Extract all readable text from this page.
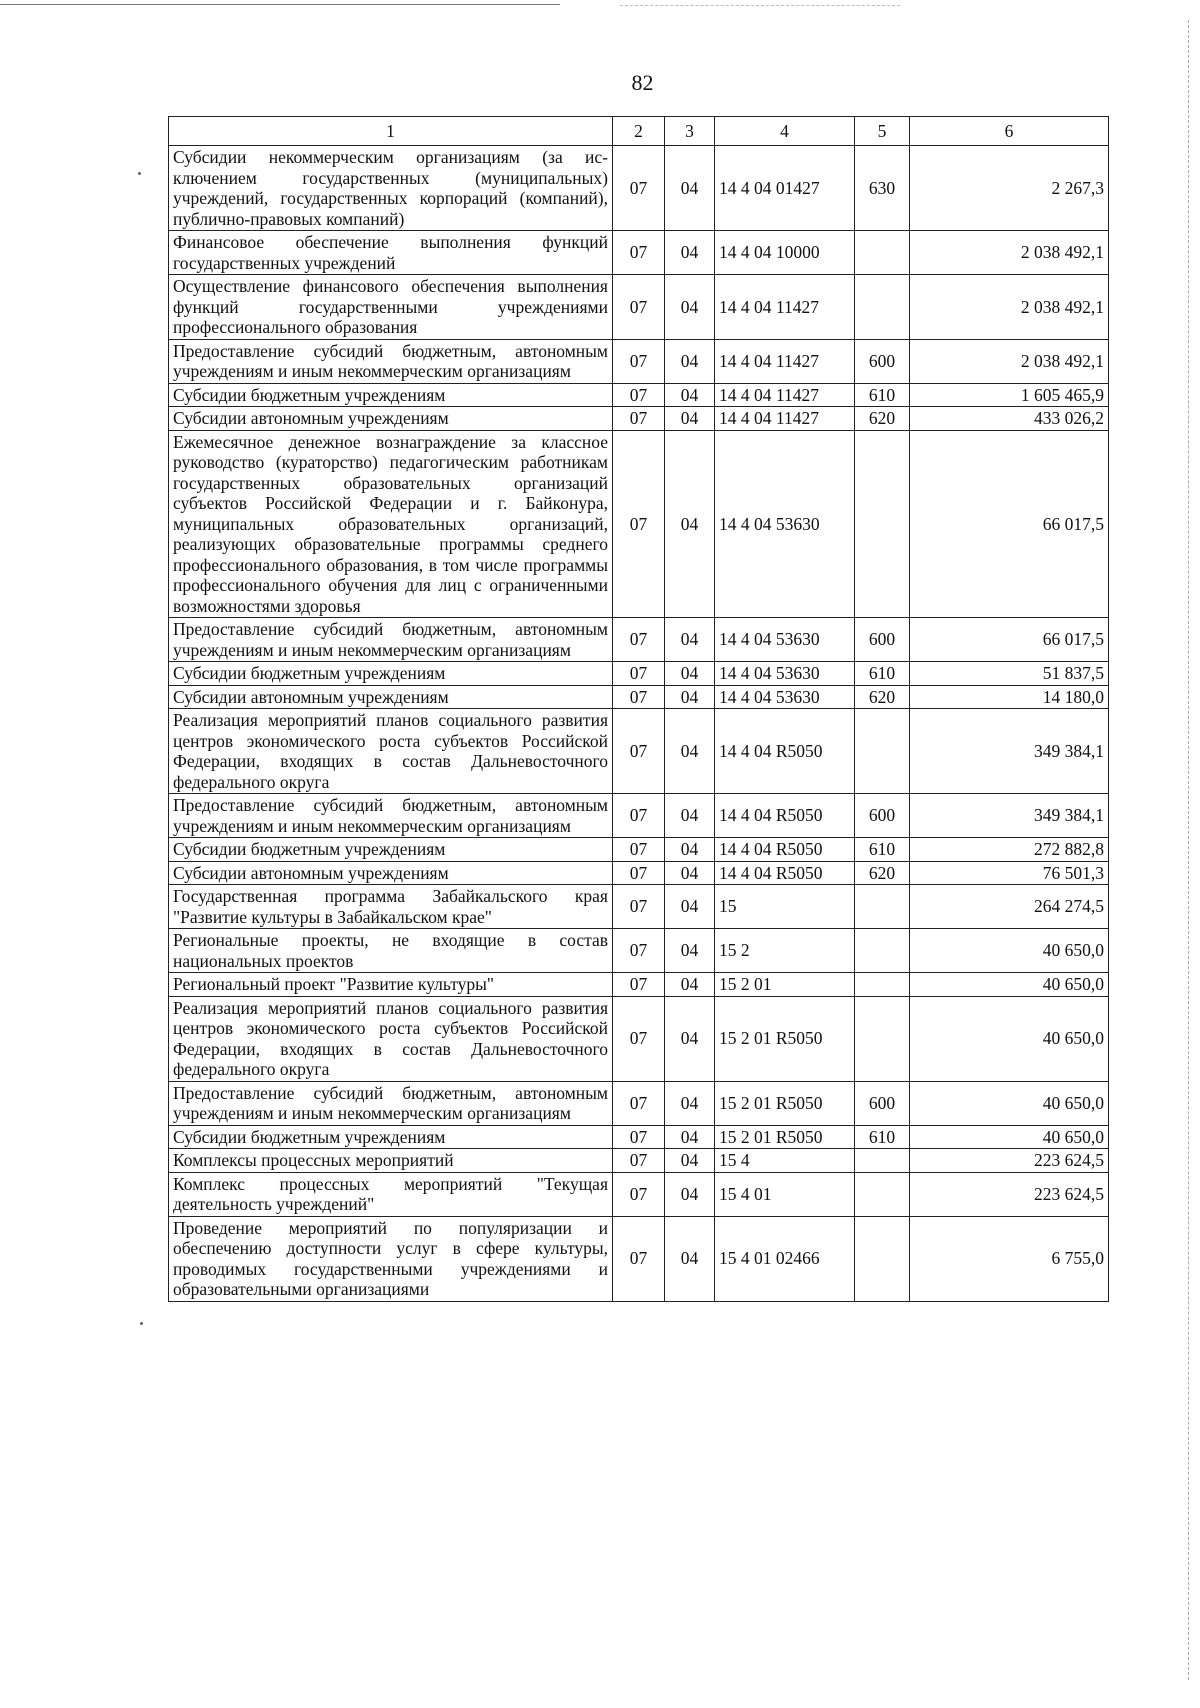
82
1	2	3	4	5	6
Субсидии некоммерческим организациям (за исключением государственных (муниципальных) учреждений, государственных корпораций (компаний), публично-правовых компаний)	07	04	14 4 04 01427	630	2 267,3
Финансовое обеспечение выполнения функций государственных учреждений	07	04	14 4 04 10000		2 038 492,1
Осуществление финансового обеспечения выполнения функций государственными учреждениями профессионального образования	07	04	14 4 04 11427		2 038 492,1
Предоставление субсидий бюджетным, автономным учреждениям и иным некоммерческим организациям	07	04	14 4 04 11427	600	2 038 492,1
Субсидии бюджетным учреждениям	07	04	14 4 04 11427	610	1 605 465,9
Субсидии автономным учреждениям	07	04	14 4 04 11427	620	433 026,2
Ежемесячное денежное вознаграждение за классное руководство (кураторство) педагогическим работникам государственных образовательных организаций субъектов Российской Федерации и г. Байконура, муниципальных образовательных организаций, реализующих образовательные программы среднего профессионального образования, в том числе программы профессионального обучения для лиц с ограниченными возможностями здоровья	07	04	14 4 04 53630		66 017,5
Предоставление субсидий бюджетным, автономным учреждениям и иным некоммерческим организациям	07	04	14 4 04 53630	600	66 017,5
Субсидии бюджетным учреждениям	07	04	14 4 04 53630	610	51 837,5
Субсидии автономным учреждениям	07	04	14 4 04 53630	620	14 180,0
Реализация мероприятий планов социального развития центров экономического роста субъектов Российской Федерации, входящих в состав Дальневосточного федерального округа	07	04	14 4 04 R5050		349 384,1
Предоставление субсидий бюджетным, автономным учреждениям и иным некоммерческим организациям	07	04	14 4 04 R5050	600	349 384,1
Субсидии бюджетным учреждениям	07	04	14 4 04 R5050	610	272 882,8
Субсидии автономным учреждениям	07	04	14 4 04 R5050	620	76 501,3
Государственная программа Забайкальского края "Развитие культуры в Забайкальском крае"	07	04	15		264 274,5
Региональные проекты, не входящие в состав национальных проектов	07	04	15 2		40 650,0
Региональный проект "Развитие культуры"	07	04	15 2 01		40 650,0
Реализация мероприятий планов социального развития центров экономического роста субъектов Российской Федерации, входящих в состав Дальневосточного федерального округа	07	04	15 2 01 R5050		40 650,0
Предоставление субсидий бюджетным, автономным учреждениям и иным некоммерческим организациям	07	04	15 2 01 R5050	600	40 650,0
Субсидии бюджетным учреждениям	07	04	15 2 01 R5050	610	40 650,0
Комплексы процессных мероприятий	07	04	15 4		223 624,5
Комплекс процессных мероприятий "Текущая деятельность учреждений"	07	04	15 4 01		223 624,5
Проведение мероприятий по популяризации и обеспечению доступности услуг в сфере культуры, проводимых государственными учреждениями и образовательными организациями	07	04	15 4 01 02466		6 755,0
